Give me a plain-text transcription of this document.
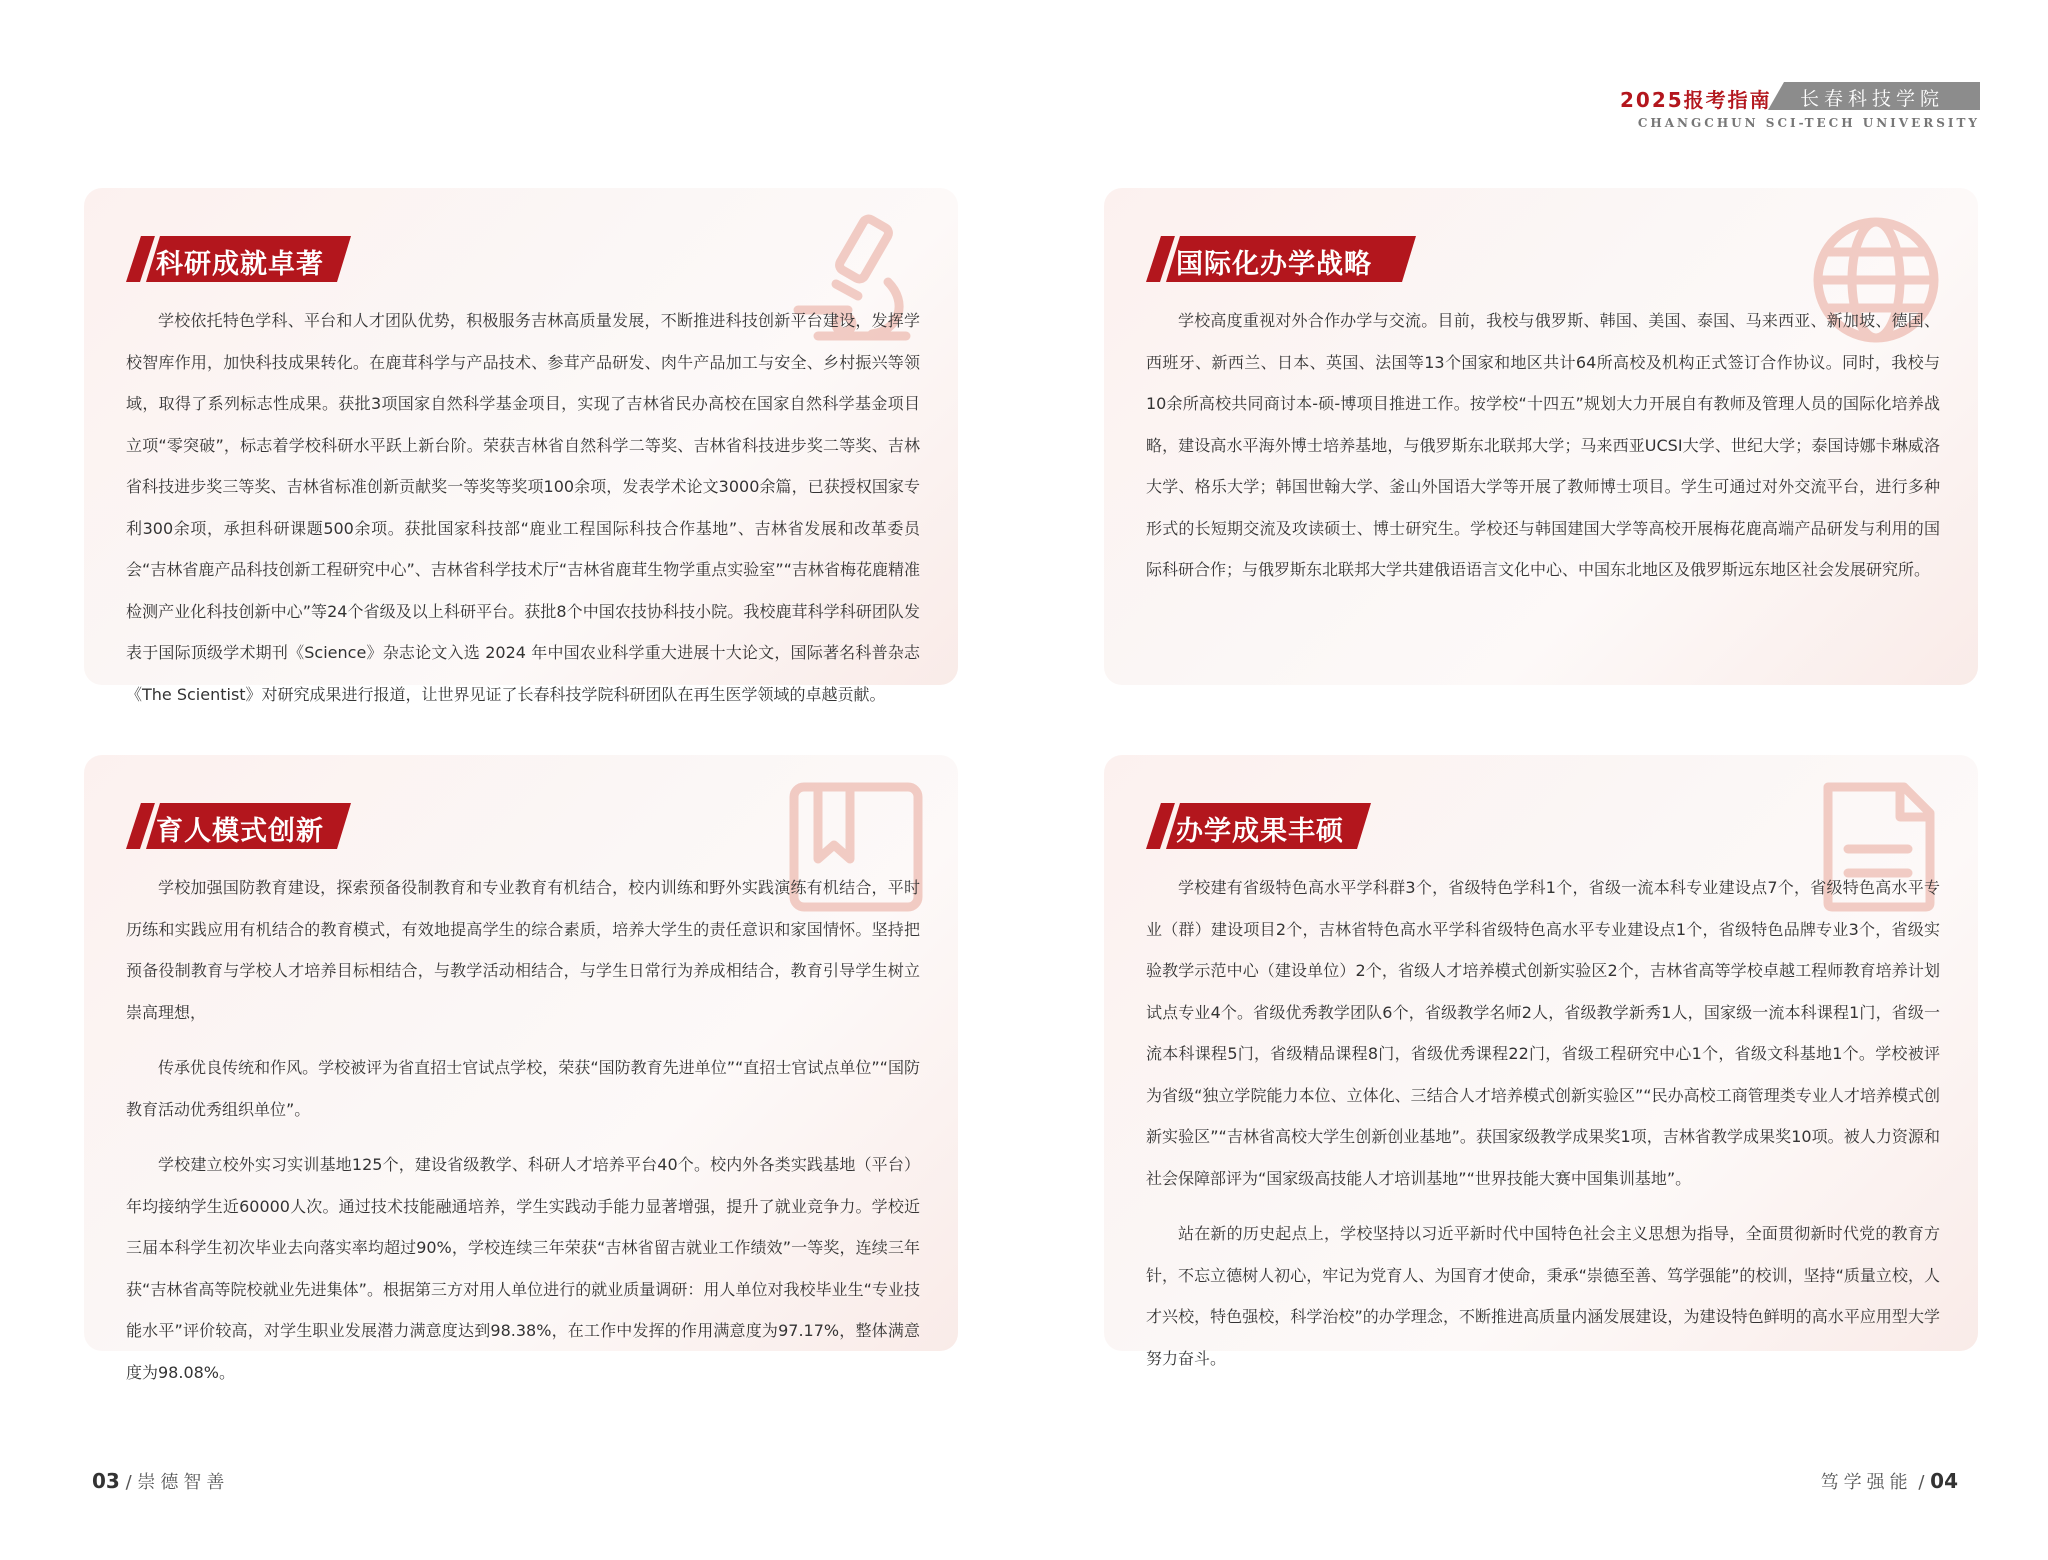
2025报考指南 长春科技学院
CHANGCHUN SCI-TECH UNIVERSITY
科研成就卓著

学校依托特色学科、平台和人才团队优势，积极服务吉林高质量发展，不断推进科技创新平台建设，发挥学校智库作用，加快科技成果转化。在鹿茸科学与产品技术、参茸产品研发、肉牛产品加工与安全、乡村振兴等领域，取得了系列标志性成果。获批3项国家自然科学基金项目，实现了吉林省民办高校在国家自然科学基金项目立项“零突破”，标志着学校科研水平跃上新台阶。荣获吉林省自然科学二等奖、吉林省科技进步奖二等奖、吉林省科技进步奖三等奖、吉林省标准创新贡献奖一等奖等奖项100余项，发表学术论文3000余篇，已获授权国家专利300余项，承担科研课题500余项。获批国家科技部“鹿业工程国际科技合作基地”、吉林省发展和改革委员会“吉林省鹿产品科技创新工程研究中心”、吉林省科学技术厅“吉林省鹿茸生物学重点实验室”“吉林省梅花鹿精准检测产业化科技创新中心”等24个省级及以上科研平台。获批8个中国农技协科技小院。我校鹿茸科学科研团队发表于国际顶级学术期刊《Science》杂志论文入选 2024 年中国农业科学重大进展十大论文，国际著名科普杂志《The Scientist》对研究成果进行报道，让世界见证了长春科技学院科研团队在再生医学领域的卓越贡献。

国际化办学战略

学校高度重视对外合作办学与交流。目前，我校与俄罗斯、韩国、美国、泰国、马来西亚、新加坡、德国、西班牙、新西兰、日本、英国、法国等13个国家和地区共计64所高校及机构正式签订合作协议。同时，我校与10余所高校共同商讨本-硕-博项目推进工作。按学校“十四五”规划大力开展自有教师及管理人员的国际化培养战略，建设高水平海外博士培养基地，与俄罗斯东北联邦大学；马来西亚UCSI大学、世纪大学；泰国诗娜卡琳威洛大学、格乐大学；韩国世翰大学、釜山外国语大学等开展了教师博士项目。学生可通过对外交流平台，进行多种形式的长短期交流及攻读硕士、博士研究生。学校还与韩国建国大学等高校开展梅花鹿高端产品研发与利用的国际科研合作；与俄罗斯东北联邦大学共建俄语语言文化中心、中国东北地区及俄罗斯远东地区社会发展研究所。

育人模式创新

学校加强国防教育建设，探索预备役制教育和专业教育有机结合，校内训练和野外实践演练有机结合，平时历练和实践应用有机结合的教育模式，有效地提高学生的综合素质，培养大学生的责任意识和家国情怀。坚持把预备役制教育与学校人才培养目标相结合，与教学活动相结合，与学生日常行为养成相结合，教育引导学生树立崇高理想，

传承优良传统和作风。学校被评为省直招士官试点学校，荣获“国防教育先进单位”“直招士官试点单位”“国防教育活动优秀组织单位”。

学校建立校外实习实训基地125个，建设省级教学、科研人才培养平台40个。校内外各类实践基地（平台）年均接纳学生近60000人次。通过技术技能融通培养，学生实践动手能力显著增强，提升了就业竞争力。学校近三届本科学生初次毕业去向落实率均超过90%，学校连续三年荣获“吉林省留吉就业工作绩效”一等奖，连续三年获“吉林省高等院校就业先进集体”。根据第三方对用人单位进行的就业质量调研：用人单位对我校毕业生“专业技能水平”评价较高，对学生职业发展潜力满意度达到98.38%，在工作中发挥的作用满意度为97.17%，整体满意度为98.08%。

办学成果丰硕

学校建有省级特色高水平学科群3个，省级特色学科1个，省级一流本科专业建设点7个，省级特色高水平专业（群）建设项目2个，吉林省特色高水平学科省级特色高水平专业建设点1个，省级特色品牌专业3个，省级实验教学示范中心（建设单位）2个，省级人才培养模式创新实验区2个，吉林省高等学校卓越工程师教育培养计划试点专业4个。省级优秀教学团队6个，省级教学名师2人，省级教学新秀1人，国家级一流本科课程1门，省级一流本科课程5门，省级精品课程8门，省级优秀课程22门，省级工程研究中心1个，省级文科基地1个。学校被评为省级“独立学院能力本位、立体化、三结合人才培养模式创新实验区”“民办高校工商管理类专业人才培养模式创新实验区”“吉林省高校大学生创新创业基地”。获国家级教学成果奖1项，吉林省教学成果奖10项。被人力资源和社会保障部评为“国家级高技能人才培训基地”“世界技能大赛中国集训基地”。

站在新的历史起点上，学校坚持以习近平新时代中国特色社会主义思想为指导，全面贯彻新时代党的教育方针，不忘立德树人初心，牢记为党育人、为国育才使命，秉承“崇德至善、笃学强能”的校训，坚持“质量立校，人才兴校，特色强校，科学治校”的办学理念，不断推进高质量内涵发展建设，为建设特色鲜明的高水平应用型大学努力奋斗。

03 / 崇德智善	笃学强能 / 04
